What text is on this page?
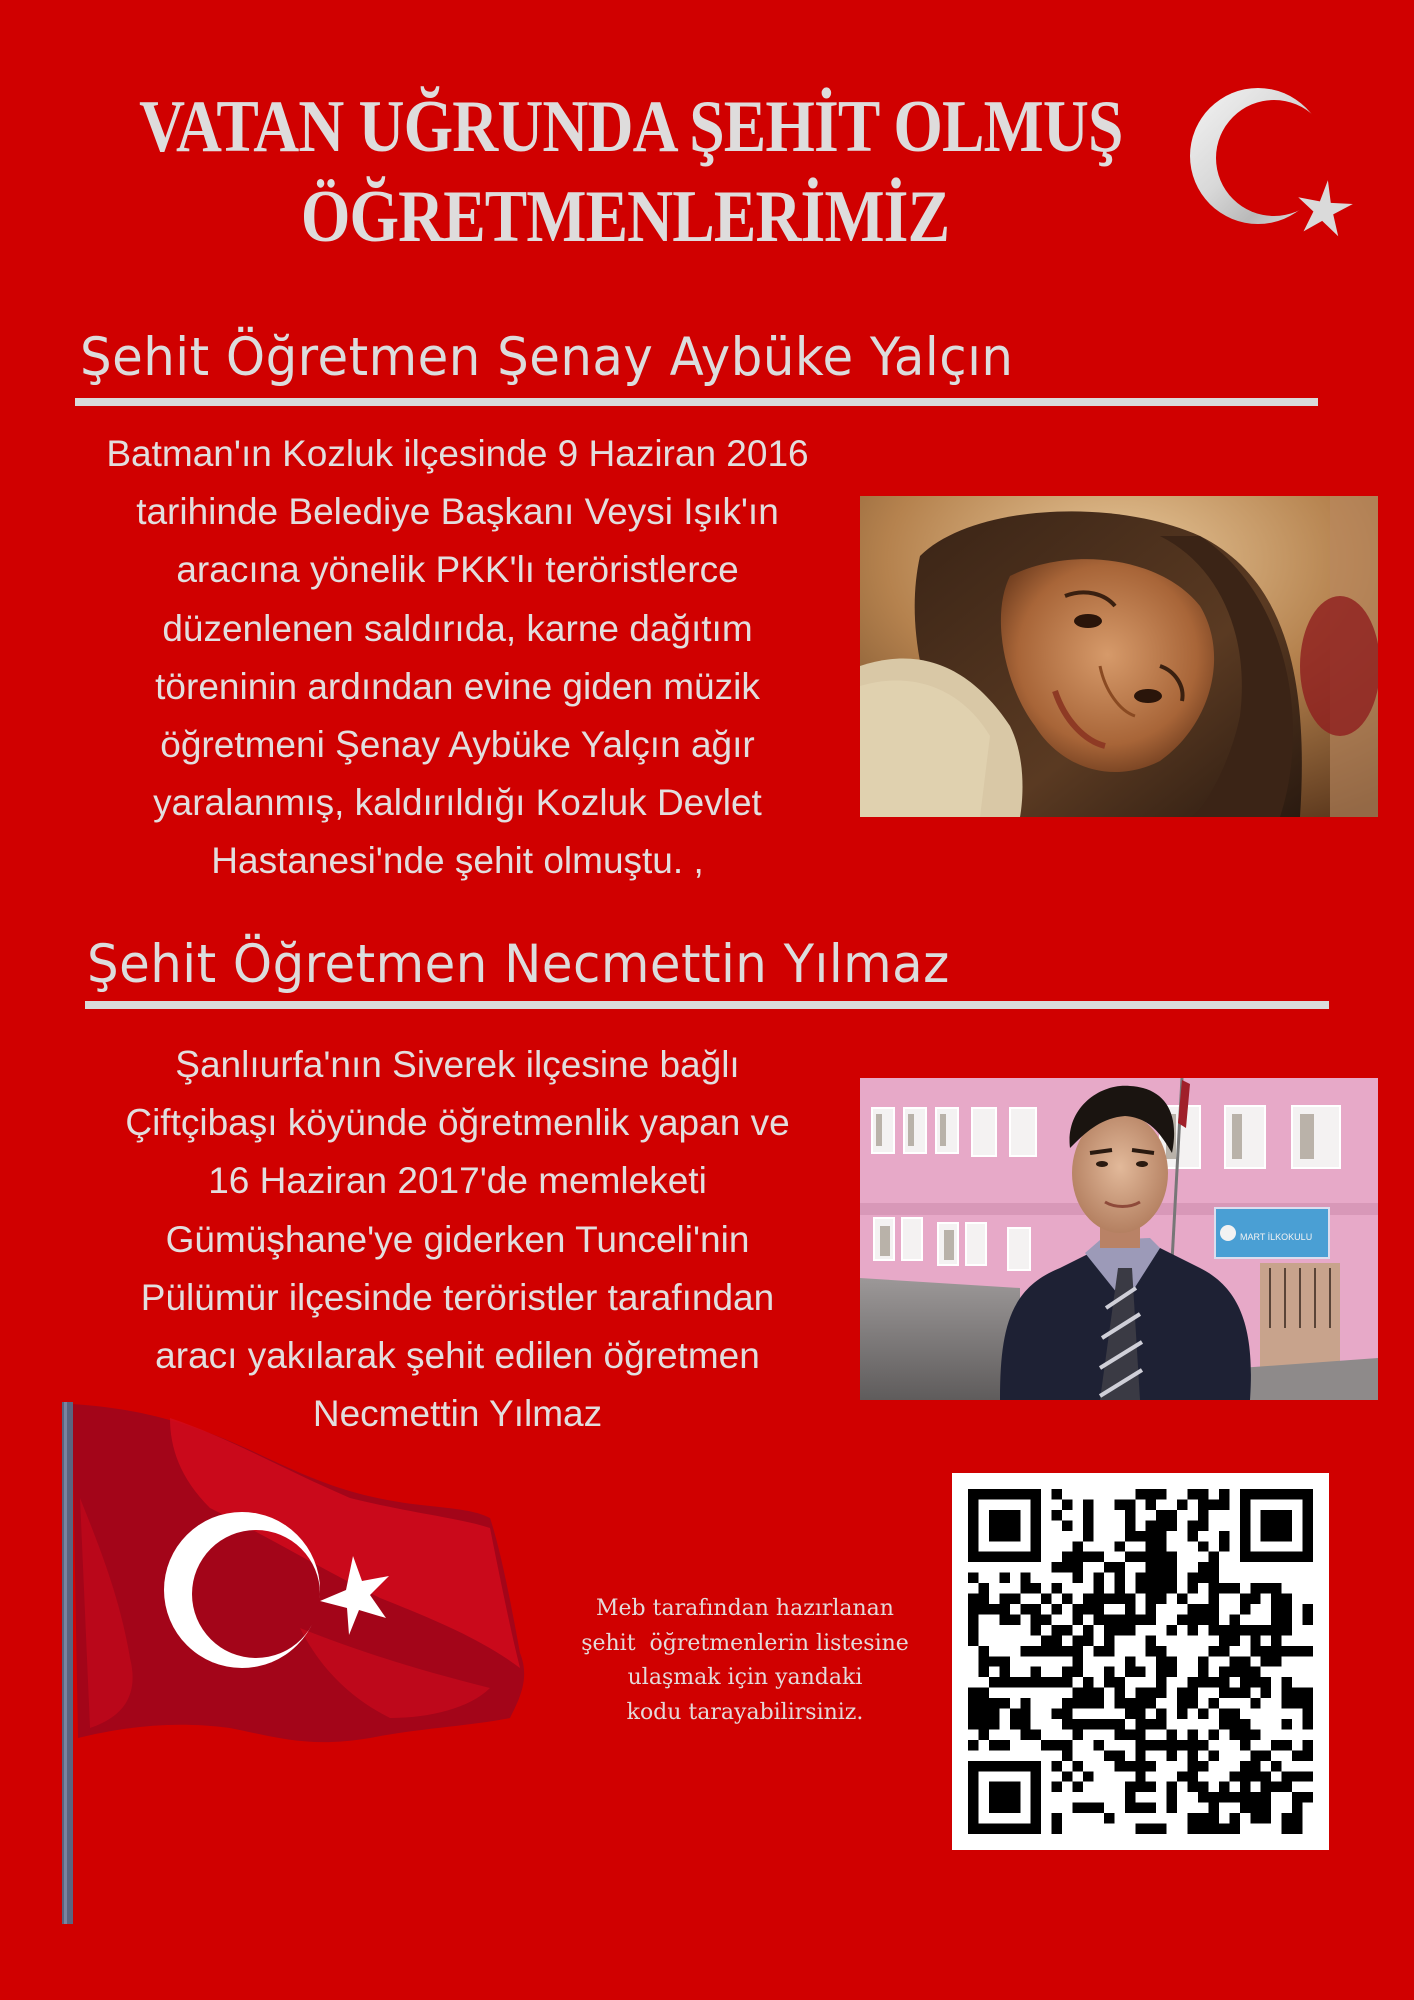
VATAN UĞRUNDA ŞEHİT OLMUŞ
ÖĞRETMENLERİMİZ
Şehit Öğretmen Şenay Aybüke Yalçın
Batman'ın Kozluk ilçesinde 9 Haziran 2016
tarihinde Belediye Başkanı Veysi Işık'ın
aracına yönelik PKK'lı teröristlerce
düzenlenen saldırıda, karne dağıtım
töreninin ardından evine giden müzik
öğretmeni Şenay Aybüke Yalçın ağır
yaralanmış, kaldırıldığı Kozluk Devlet
Hastanesi'nde şehit olmuştu. ,
Şehit Öğretmen Necmettin Yılmaz
Şanlıurfa'nın Siverek ilçesine bağlı
Çiftçibaşı köyünde öğretmenlik yapan ve
16 Haziran 2017'de memleketi
Gümüşhane'ye giderken Tunceli'nin
Pülümür ilçesinde teröristler tarafından
aracı yakılarak şehit edilen öğretmen
Necmettin Yılmaz
MART İLKOKULU
Meb tarafından hazırlanan
şehit  öğretmenlerin listesine
ulaşmak için yandaki
kodu tarayabilirsiniz.
